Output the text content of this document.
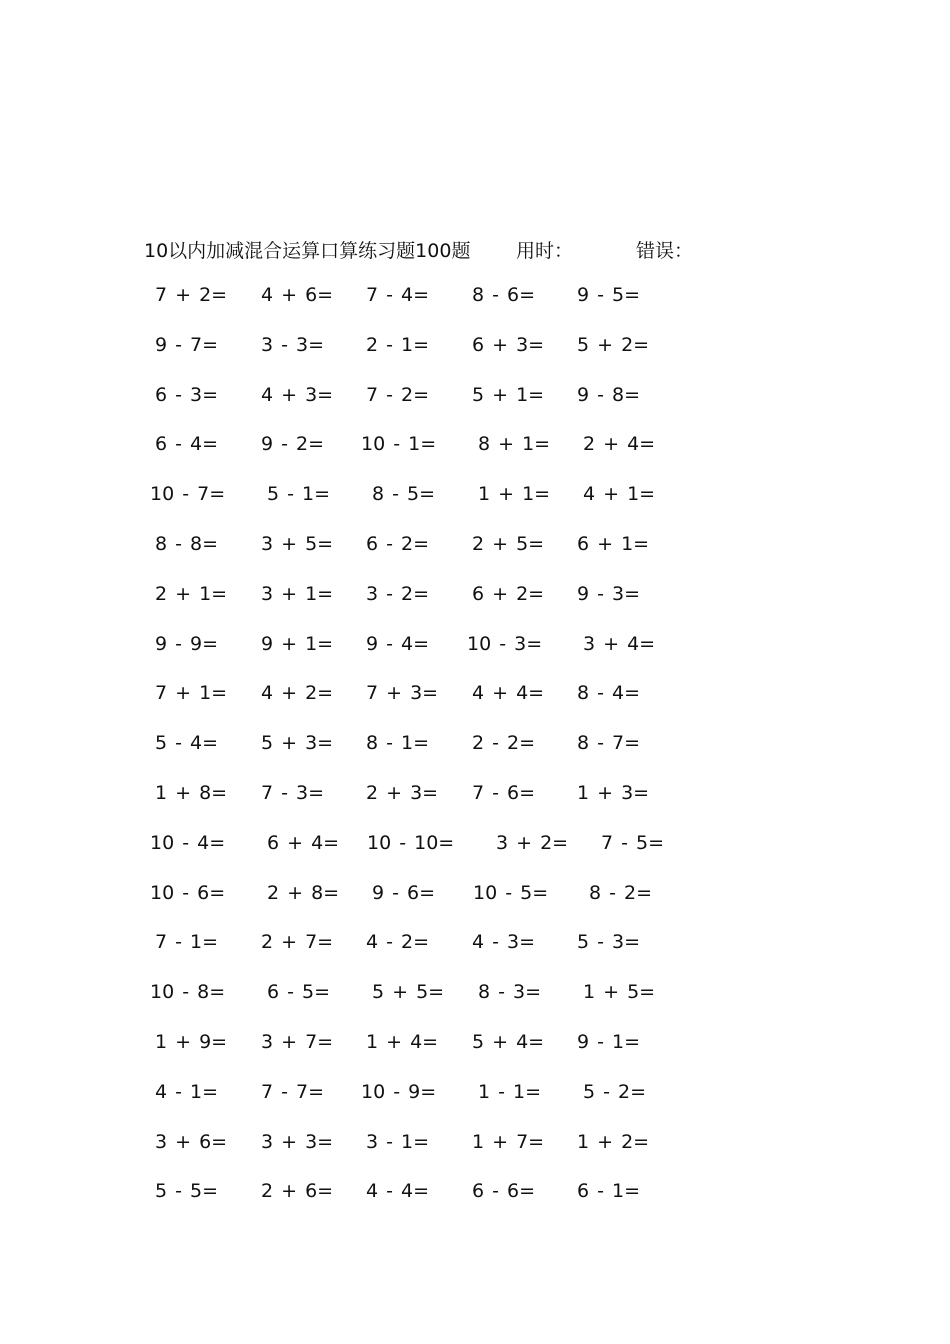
10以内加减混合运算口算练习题100题 用时：	错误：
7 + 2= 4 + 6= 7 - 4= 8 - 6= 9 - 5=
9 - 7= 3 - 3= 2 - 1= 6 + 3= 5 + 2=
6 - 3= 4 + 3= 7 - 2= 5 + 1= 9 - 8=
6 - 4= 9 - 2= 10 - 1= 8 + 1= 2 + 4=
10 - 7= 5 - 1= 8 - 5= 1 + 1= 4 + 1=
8 - 8= 3 + 5= 6 - 2= 2 + 5= 6 + 1=
2 + 1= 3 + 1= 3 - 2= 6 + 2= 9 - 3=
9 - 9= 9 + 1= 9 - 4= 10 - 3= 3 + 4=
7 + 1= 4 + 2= 7 + 3= 4 + 4= 8 - 4=
5 - 4= 5 + 3= 8 - 1= 2 - 2= 8 - 7=
1 + 8= 7 - 3= 2 + 3= 7 - 6= 1 + 3=
10 - 4= 6 + 4= 10 - 10= 3 + 2= 7 - 5=
10 - 6= 2 + 8= 9 - 6= 10 - 5= 8 - 2=
7 - 1= 2 + 7= 4 - 2= 4 - 3= 5 - 3=
10 - 8= 6 - 5= 5 + 5= 8 - 3= 1 + 5=
1 + 9= 3 + 7= 1 + 4= 5 + 4= 9 - 1=
4 - 1= 7 - 7= 10 - 9= 1 - 1= 5 - 2=
3 + 6= 3 + 3= 3 - 1= 1 + 7= 1 + 2=
5 - 5= 2 + 6= 4 - 4= 6 - 6= 6 - 1=
